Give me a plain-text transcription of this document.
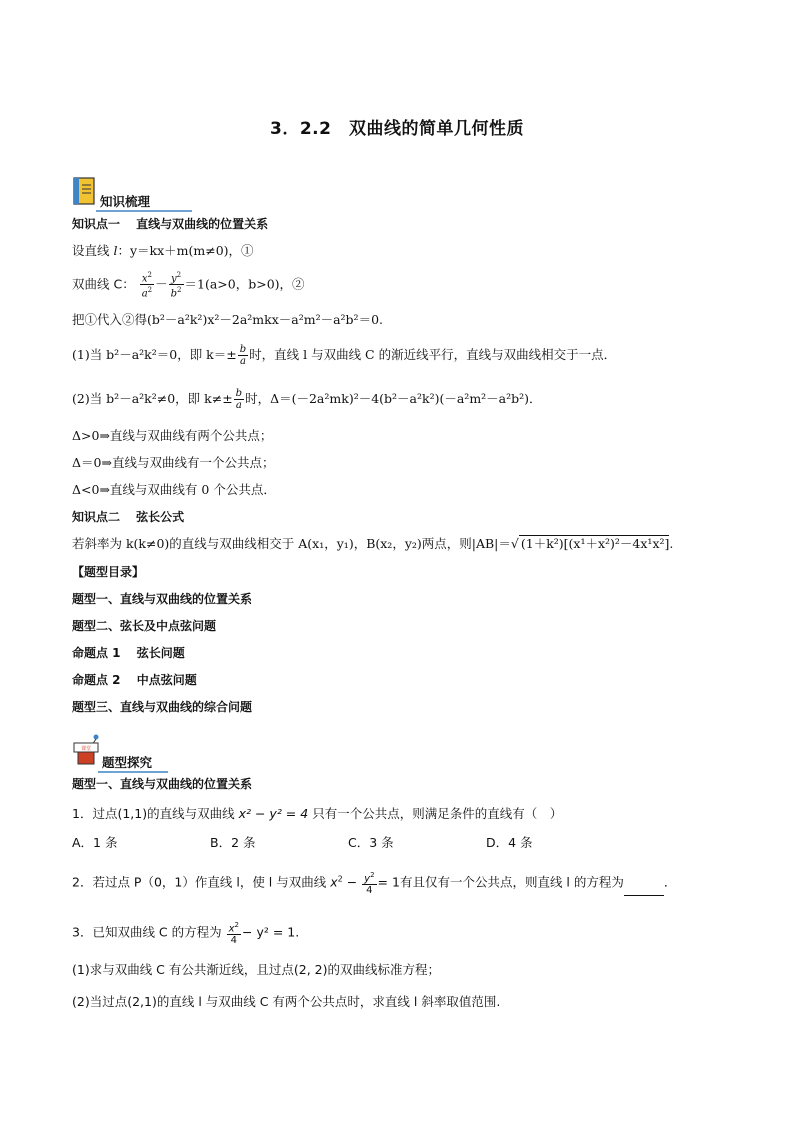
3．2.2　双曲线的简单几何性质
知识梳理
知识点一　 直线与双曲线的位置关系
设直线 l：y＝kx＋m(m≠0)，①
双曲线 C： $\frac{x^2}{a^2} - \frac{y^2}{b^2} =1(a>0$，b>0)，②
把①代入②得(b²－a²k²)x²－2a²mkx－a²m²－a²b²＝0.
(1)当 b²－a²k²＝0，即 $k=\pm \frac{b}{a}$ 时，直线 l 与双曲线 C 的渐近线平行，直线与双曲线相交于一点．
(2)当 b²－a²k²≠0，即 $k\ne\pm \frac{b}{a}$ 时，Δ＝(－2a²mk)²－4(b²－a²k²)(－a²m²－a²b²)．
Δ>0⇒直线与双曲线有两个公共点；
Δ＝0⇒直线与双曲线有一个公共点；
Δ<0⇒直线与双曲线有 0 个公共点．
知识点二　 弦长公式
若斜率为 k(k≠0)的直线与双曲线相交于 A(x₁，y₁)，B(x₂，y₂)两点，则|AB|＝√ (1＋k²)[(x¹＋x²)²－4x¹x²].
【题型目录】
题型一、直线与双曲线的位置关系
题型二、弦长及中点弦问题
命题点 1　 弦长问题
命题点 2　 中点弦问题
题型三、直线与双曲线的综合问题
课堂
题型探究
题型一、直线与双曲线的位置关系
1．过点(1,1)的直线与双曲线 x² − y² = 4 只有一个公共点，则满足条件的直线有（　）
A．1 条	B．2 条	C．3 条	D．4 条
2．若过点 P（0，1）作直线 l，使 l 与双曲线 $x^2 - \frac{y^2}{4} = 1$有且仅有一个公共点，则直线 l 的方程为	．
3．已知双曲线 C 的方程为 $\frac{x^2}{4} - y^2 = 1$.
(1)求与双曲线 C 有公共渐近线，且过点(2, 2)的双曲线标准方程；
(2)当过点(2,1)的直线 l 与双曲线 C 有两个公共点时，求直线 l 斜率取值范围.
